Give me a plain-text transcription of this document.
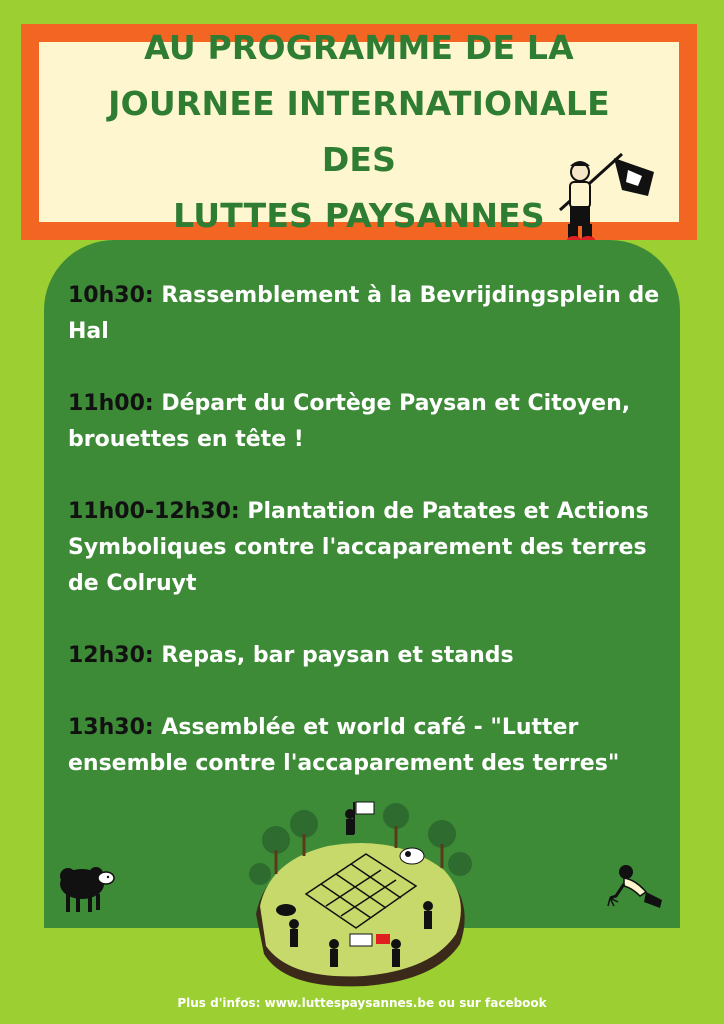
AU PROGRAMME DE LA
JOURNEE INTERNATIONALE DES
LUTTES PAYSANNES

10h30: Rassemblement à la Bevrijdingsplein de Hal

11h00: Départ du Cortège Paysan et Citoyen, brouettes en tête !

11h00-12h30: Plantation de Patates et Actions Symboliques contre l'accaparement des terres de Colruyt

12h30: Repas, bar paysan et stands

13h30: Assemblée et world café - "Lutter ensemble contre l'accaparement des terres"

Plus d'infos: www.luttespaysannes.be ou sur facebook
